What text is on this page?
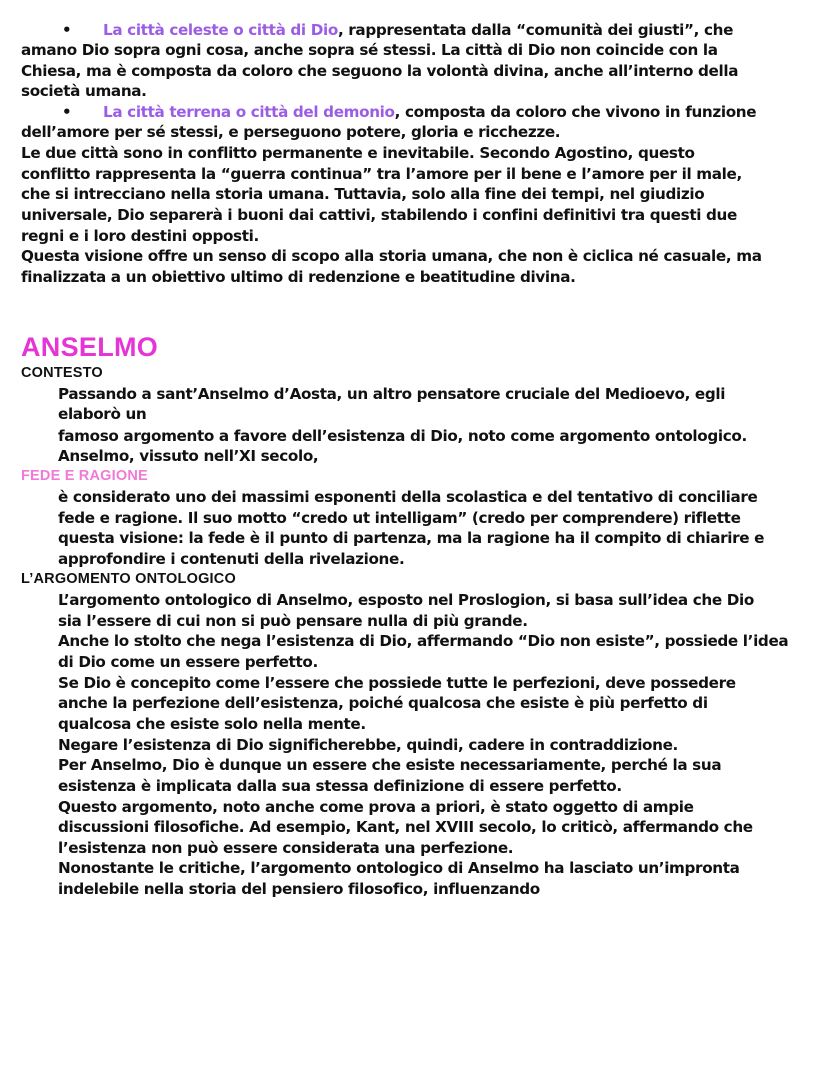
• La città celeste o città di Dio, rappresentata dalla “comunità dei giusti”, che
amano Dio sopra ogni cosa, anche sopra sé stessi. La città di Dio non coincide con la
Chiesa, ma è composta da coloro che seguono la volontà divina, anche all’interno della
società umana.
• La città terrena o città del demonio, composta da coloro che vivono in funzione
dell’amore per sé stessi, e perseguono potere, gloria e ricchezze.
Le due città sono in conflitto permanente e inevitabile. Secondo Agostino, questo
conflitto rappresenta la “guerra continua” tra l’amore per il bene e l’amore per il male,
che si intrecciano nella storia umana. Tuttavia, solo alla fine dei tempi, nel giudizio
universale, Dio separerà i buoni dai cattivi, stabilendo i confini definitivi tra questi due
regni e i loro destini opposti.
Questa visione offre un senso di scopo alla storia umana, che non è ciclica né casuale, ma
finalizzata a un obiettivo ultimo di redenzione e beatitudine divina.
ANSELMO
CONTESTO
Passando a sant’Anselmo d’Aosta, un altro pensatore cruciale del Medioevo, egli
elaborò un
famoso argomento a favore dell’esistenza di Dio, noto come argomento ontologico.
Anselmo, vissuto nell’XI secolo,
FEDE E RAGIONE
è considerato uno dei massimi esponenti della scolastica e del tentativo di conciliare
fede e ragione. Il suo motto “credo ut intelligam” (credo per comprendere) riflette
questa visione: la fede è il punto di partenza, ma la ragione ha il compito di chiarire e
approfondire i contenuti della rivelazione.
L’ARGOMENTO ONTOLOGICO
L’argomento ontologico di Anselmo, esposto nel Proslogion, si basa sull’idea che Dio
sia l’essere di cui non si può pensare nulla di più grande.
Anche lo stolto che nega l’esistenza di Dio, affermando “Dio non esiste”, possiede l’idea
di Dio come un essere perfetto.
Se Dio è concepito come l’essere che possiede tutte le perfezioni, deve possedere
anche la perfezione dell’esistenza, poiché qualcosa che esiste è più perfetto di
qualcosa che esiste solo nella mente.
Negare l’esistenza di Dio significherebbe, quindi, cadere in contraddizione.
Per Anselmo, Dio è dunque un essere che esiste necessariamente, perché la sua
esistenza è implicata dalla sua stessa definizione di essere perfetto.
Questo argomento, noto anche come prova a priori, è stato oggetto di ampie
discussioni filosofiche. Ad esempio, Kant, nel XVIII secolo, lo criticò, affermando che
l’esistenza non può essere considerata una perfezione.
Nonostante le critiche, l’argomento ontologico di Anselmo ha lasciato un’impronta
indelebile nella storia del pensiero filosofico, influenzando
